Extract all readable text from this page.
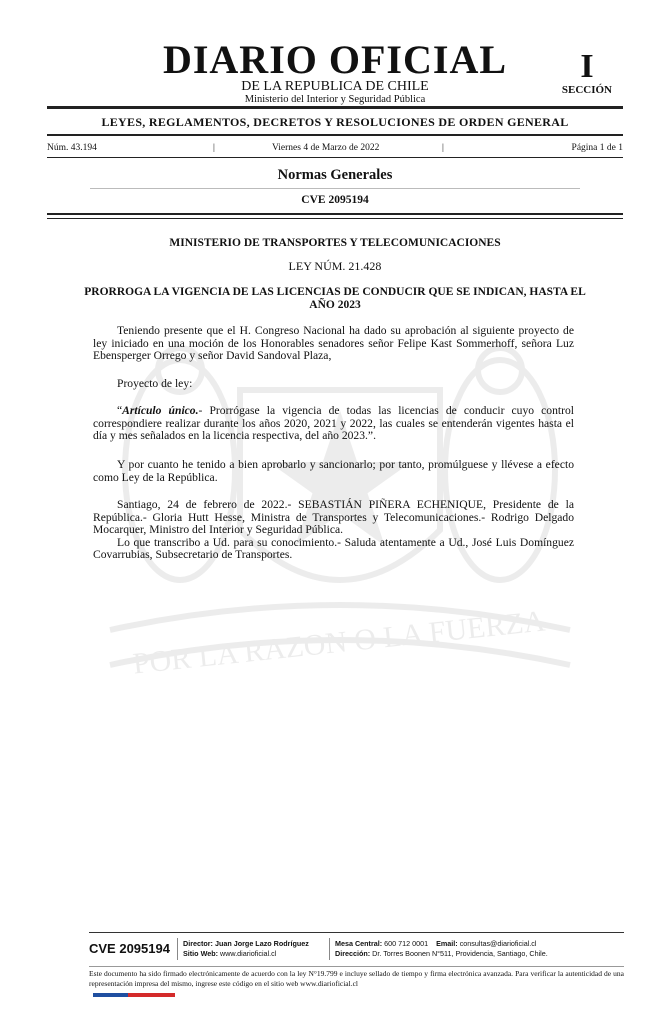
POR LA RAZON O LA FUERZA
DIARIO OFICIAL
DE LA REPUBLICA DE CHILE
Ministerio del Interior y Seguridad Pública
I
SECCIÓN
LEYES, REGLAMENTOS, DECRETOS Y RESOLUCIONES DE ORDEN GENERAL
Núm. 43.194	|	Viernes 4 de Marzo de 2022	|	Página 1 de 1
Normas Generales
CVE 2095194
MINISTERIO DE TRANSPORTES Y TELECOMUNICACIONES
LEY NÚM. 21.428
PRORROGA LA VIGENCIA DE LAS LICENCIAS DE CONDUCIR QUE SE INDICAN, HASTA EL AÑO 2023

Teniendo presente que el H. Congreso Nacional ha dado su aprobación al siguiente proyecto de ley iniciado en una moción de los Honorables senadores señor Felipe Kast Sommerhoff, señora Luz Ebensperger Orrego y señor David Sandoval Plaza,

Proyecto de ley:

“Artículo único.- Prorrógase la vigencia de todas las licencias de conducir cuyo control correspondiere realizar durante los años 2020, 2021 y 2022, las cuales se entenderán vigentes hasta el día y mes señalados en la licencia respectiva, del año 2023.”.

Y por cuanto he tenido a bien aprobarlo y sancionarlo; por tanto, promúlguese y llévese a efecto como Ley de la República.

Santiago, 24 de febrero de 2022.- SEBASTIÁN PIÑERA ECHENIQUE, Presidente de la República.- Gloria Hutt Hesse, Ministra de Transportes y Telecomunicaciones.- Rodrigo Delgado Mocarquer, Ministro del Interior y Seguridad Pública.

Lo que transcribo a Ud. para su conocimiento.- Saluda atentamente a Ud., José Luis Domínguez Covarrubias, Subsecretario de Transportes.

CVE 2095194 Director: Juan Jorge Lazo Rodríguez
Sitio Web: www.diarioficial.cl
Mesa Central: 600 712 0001 Email: consultas@diarioficial.cl
Dirección: Dr. Torres Boonen N°511, Providencia, Santiago, Chile.
Este documento ha sido firmado electrónicamente de acuerdo con la ley N°19.799 e incluye sellado de tiempo y firma electrónica avanzada. Para verificar la autenticidad de una representación impresa del mismo, ingrese este código en el sitio web www.diarioficial.cl
